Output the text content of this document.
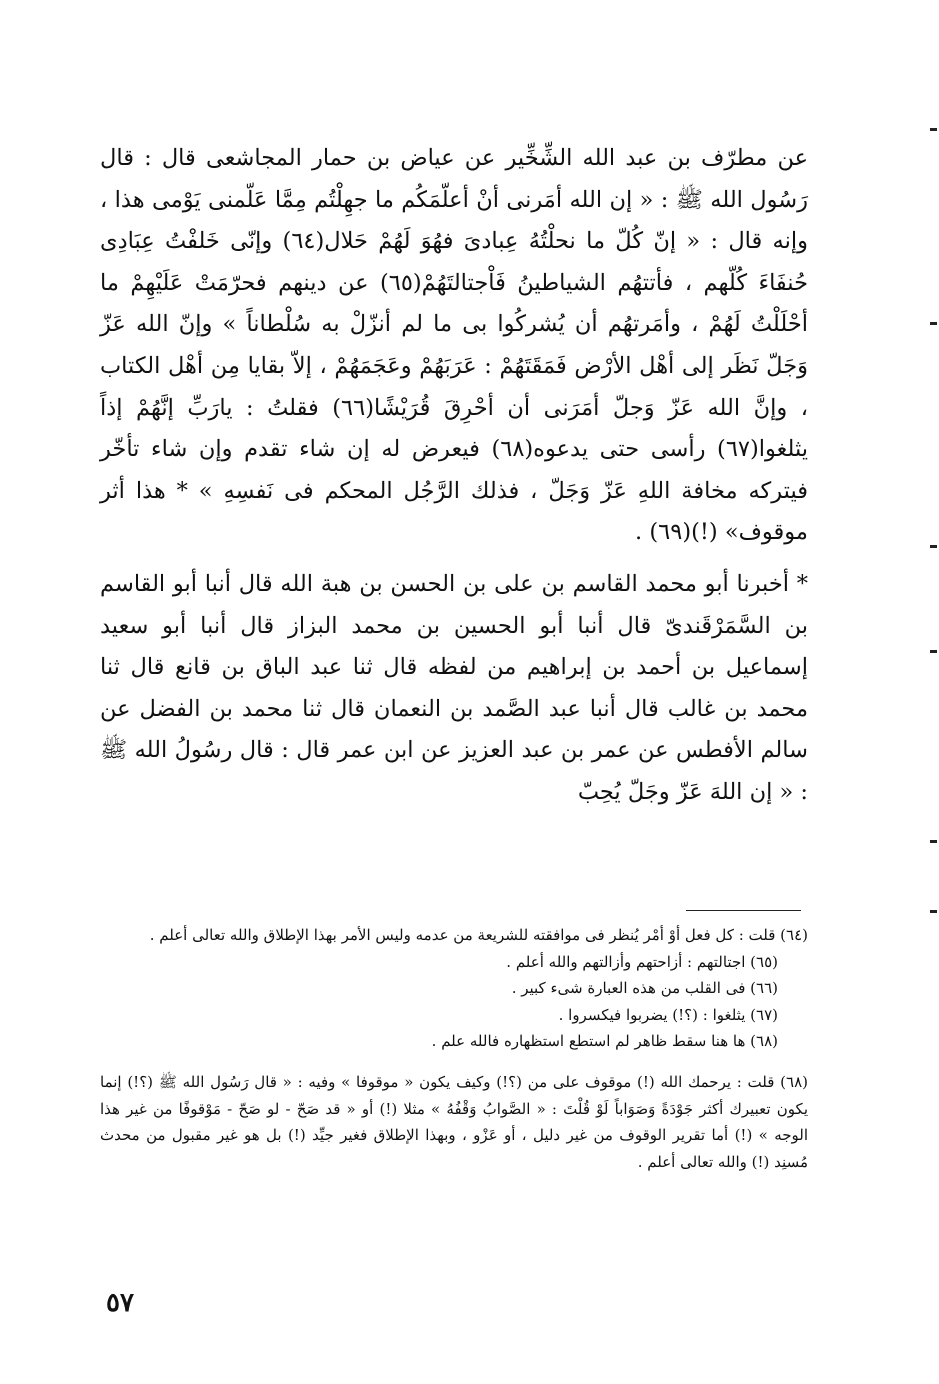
عن مطرّف بن عبد الله الشِّخِّير عن عياض بن حمار المجاشعى قال : قال رَسُول الله ﷺ : « إن الله أمَرنى أنْ أعلّمَكُم ما جهِلْتُم مِمَّا عَلّمنى يَوْمى هذا ، وإنه قال : « إنّ كُلّ ما نحلْتُهُ عِبادىَ فهُوَ لَهُمْ حَلال(٦٤) وإنّى خَلفْتُ عِبَادِى حُنفَاءَ كُلّهم ، فأتتهُم الشياطينُ فَاْجتالتَهُمْ(٦٥) عن دينهم فحرّمَتْ عَلَيْهِمْ ما أحْلَلْتُ لَهُمْ ، وأمَرتهُم أن يُشركُوا بى ما لم أنزّلْ به سُلْطاناً » وإنّ الله عَزّ وَجَلّ نَظَر إلى أهْل الأرْض فَمَقَتَهُمْ : عَرَبَهُمْ وعَجَمَهُمْ ، إلاّ بقايا مِن أهْل الكتاب ، وإنَّ الله عَزّ وَجلّ أمَرَنى أن أحْرِقَ قُرَيْشًا(٦٦) فقلتُ : يارَبِّ إنَّهُمْ إذاً يثلغوا(٦٧) رأسى حتى يدعوه(٦٨) فيعرض له إن شاء تقدم وإن شاء تأخّر فيتركه مخافة اللهِ عَزّ وَجَلّ ، فذلك الرَّجُل المحكم فى نَفسِهِ » * هذا أثر موقوف» (!)(٦٩) .

* أخبرنا أبو محمد القاسم بن على بن الحسن بن هبة الله قال أنبا أبو القاسم بن السَّمَرْقَندىّ قال أنبا أبو الحسين بن محمد البزاز قال أنبا أبو سعيد إسماعيل بن أحمد بن إبراهيم من لفظه قال ثنا عبد الباق بن قانع قال ثنا محمد بن غالب قال أنبا عبد الصَّمد بن النعمان قال ثنا محمد بن الفضل عن سالم الأفطس عن عمر بن عبد العزيز عن ابن عمر قال : قال رسُولُ الله ﷺ : « إن اللهَ عَزّ وجَلّ يُحِبّ

(٦٤) قلت : كل فعل أوْ أمْر يُنظر فى موافقته للشريعة من عدمه وليس الأمر بهذا الإطلاق والله تعالى أعلم .

(٦٥) اجتالتهم : أزاحتهم وأزالتهم والله أعلم .

(٦٦) فى القلب من هذه العبارة شىء كبير .

(٦٧) يثلغوا : (؟!) يضربوا فيكسروا .

(٦٨) ها هنا سقط ظاهر لم استطع استظهاره فالله علم .

(٦٨) قلت : يرحمك الله (!) موقوف على من (؟!) وكيف يكون « موقوفا » وفيه : « قال رَسُول الله ﷺ (؟!) إنما يكون تعبيرك أكثر جَوْدَةً وَصَوَاباً لَوْ قُلْتَ : « الصَّوابُ وَقْفُهُ » مثلا (!) أو « قد صَحّ - لو صَحّ - مَوْقوفًا من غير هذا الوجه » (!) أما تقرير الوقوف من غير دليل ، أو عَزْو ، وبهذا الإطلاق فغير جيِّد (!) بل هو غير مقبول من محدث مُسنِد (!) والله تعالى أعلم .

٥٧
